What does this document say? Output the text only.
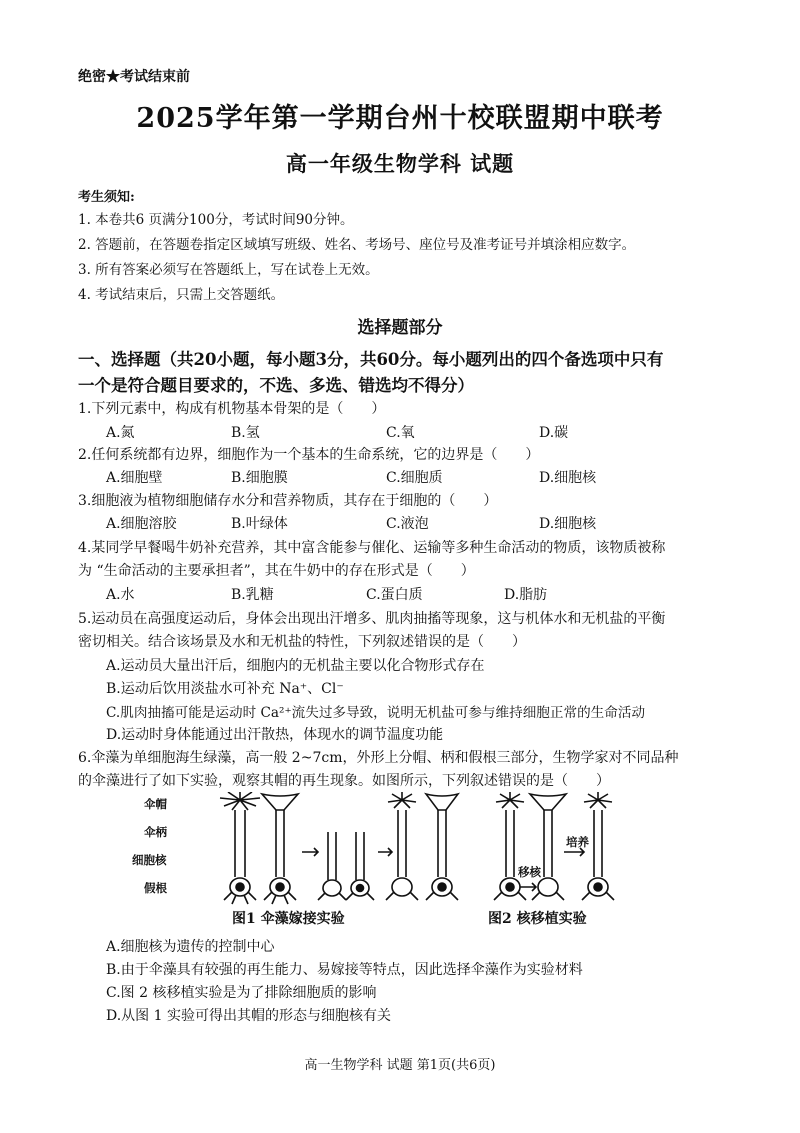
绝密★考试结束前
2025学年第一学期台州十校联盟期中联考
高一年级生物学科 试题
考生须知:
1. 本卷共6 页满分100分，考试时间90分钟。
2. 答题前，在答题卷指定区域填写班级、姓名、考场号、座位号及准考证号并填涂相应数字。
3. 所有答案必须写在答题纸上，写在试卷上无效。
4. 考试结束后，只需上交答题纸。
选择题部分
一、选择题（共20小题，每小题3分，共60分。每小题列出的四个备选项中只有
一个是符合题目要求的，不选、多选、错选均不得分）
1.下列元素中，构成有机物基本骨架的是（　　）
A.氮	B.氢	C.氧	D.碳
2.任何系统都有边界，细胞作为一个基本的生命系统，它的边界是（　　）
A.细胞壁	B.细胞膜	C.细胞质	D.细胞核
3.细胞液为植物细胞储存水分和营养物质，其存在于细胞的（　　）
A.细胞溶胶	B.叶绿体	C.液泡	D.细胞核
4.某同学早餐喝牛奶补充营养，其中富含能参与催化、运输等多种生命活动的物质，该物质被称
为 “生命活动的主要承担者”，其在牛奶中的存在形式是（　　）
A.水	B.乳糖	C.蛋白质	D.脂肪
5.运动员在高强度运动后，身体会出现出汗增多、肌肉抽搐等现象，这与机体水和无机盐的平衡
密切相关。结合该场景及水和无机盐的特性，下列叙述错误的是（　　）
A.运动员大量出汗后，细胞内的无机盐主要以化合物形式存在
B.运动后饮用淡盐水可补充 Na⁺、Cl⁻
C.肌肉抽搐可能是运动时 Ca²⁺流失过多导致，说明无机盐可参与维持细胞正常的生命活动
D.运动时身体能通过出汗散热，体现水的调节温度功能
6.伞藻为单细胞海生绿藻，高一般 2~7cm，外形上分帽、柄和假根三部分，生物学家对不同品种
的伞藻进行了如下实验，观察其帽的再生现象。如图所示，下列叙述错误的是（　　）
伞帽
伞柄
细胞核
假根
移核
培养
图1 伞藻嫁接实验	图2 核移植实验
A.细胞核为遗传的控制中心
B.由于伞藻具有较强的再生能力、易嫁接等特点，因此选择伞藻作为实验材料
C.图 2 核移植实验是为了排除细胞质的影响
D.从图 1 实验可得出其帽的形态与细胞核有关
高一生物学科 试题 第1页(共6页)
